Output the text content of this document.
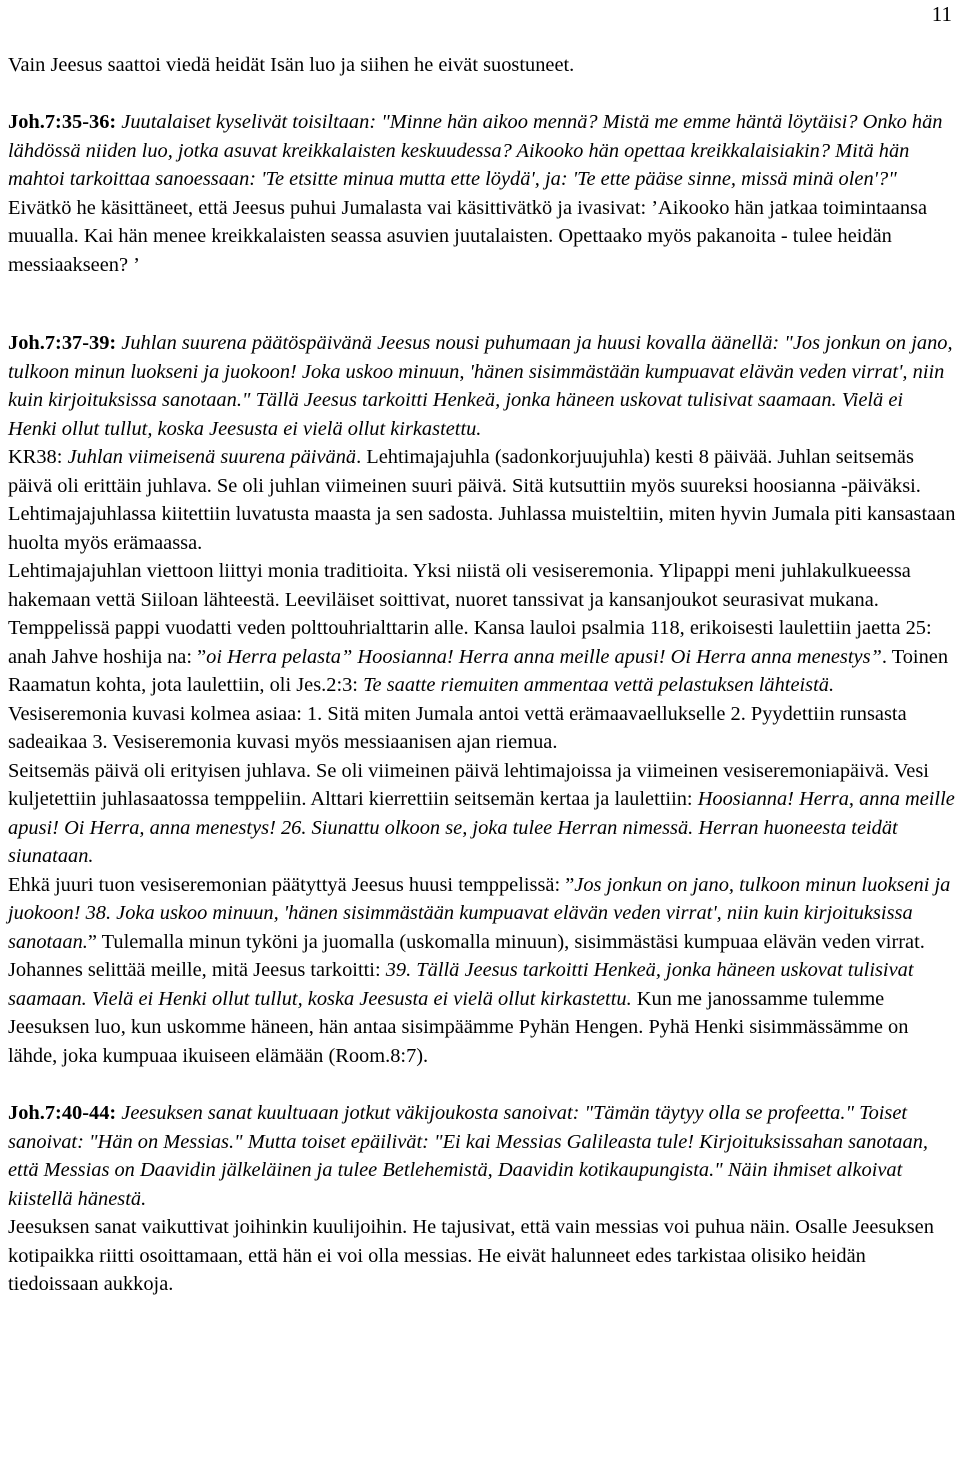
11

Vain Jeesus saattoi viedä heidät Isän luo ja siihen he eivät suostuneet.

Joh.7:35-36: Juutalaiset kyselivät toisiltaan: "Minne hän aikoo mennä? Mistä me emme häntä löytäisi? Onko hän lähdössä niiden luo, jotka asuvat kreikkalaisten keskuudessa? Aikooko hän opettaa kreikkalaisiakin? Mitä hän mahtoi tarkoittaa sanoessaan: 'Te etsitte minua mutta ette löydä', ja: 'Te ette pääse sinne, missä minä olen'?"

Eivätkö he käsittäneet, että Jeesus puhui Jumalasta vai käsittivätkö ja ivasivat: ’Aikooko hän jatkaa toimintaansa muualla. Kai hän menee kreikkalaisten seassa asuvien juutalaisten. Opettaako myös pakanoita - tulee heidän messiaakseen? ’

Joh.7:37-39: Juhlan suurena päätöspäivänä Jeesus nousi puhumaan ja huusi kovalla äänellä: "Jos jonkun on jano, tulkoon minun luokseni ja juokoon! Joka uskoo minuun, 'hänen sisimmästään kumpuavat elävän veden virrat', niin kuin kirjoituksissa sanotaan." Tällä Jeesus tarkoitti Henkeä, jonka häneen uskovat tulisivat saamaan. Vielä ei Henki ollut tullut, koska Jeesusta ei vielä ollut kirkastettu.

KR38: Juhlan viimeisenä suurena päivänä. Lehtimajajuhla (sadonkorjuujuhla) kesti 8 päivää. Juhlan seitsemäs päivä oli erittäin juhlava. Se oli juhlan viimeinen suuri päivä. Sitä kutsuttiin myös suureksi hoosianna -päiväksi.

Lehtimajajuhlassa kiitettiin luvatusta maasta ja sen sadosta. Juhlassa muisteltiin, miten hyvin Jumala piti kansastaan huolta myös erämaassa.

Lehtimajajuhlan viettoon liittyi monia traditioita. Yksi niistä oli vesiseremonia. Ylipappi meni juhlakulkueessa hakemaan vettä Siiloan lähteestä. Leeviläiset soittivat, nuoret tanssivat ja kansanjoukot seurasivat mukana. Temppelissä pappi vuodatti veden polttouhrialttarin alle. Kansa lauloi psalmia 118, erikoisesti laulettiin jaetta 25: anah Jahve hoshija na: ”oi Herra pelasta” Hoosianna! Herra anna meille apusi! Oi Herra anna menestys”. Toinen Raamatun kohta, jota laulettiin, oli Jes.2:3: Te saatte riemuiten ammentaa vettä pelastuksen lähteistä.

Vesiseremonia kuvasi kolmea asiaa: 1. Sitä miten Jumala antoi vettä erämaavaellukselle 2. Pyydettiin runsasta sadeaikaa 3. Vesiseremonia kuvasi myös messiaanisen ajan riemua.

Seitsemäs päivä oli erityisen juhlava. Se oli viimeinen päivä lehtimajoissa ja viimeinen vesiseremoniapäivä. Vesi kuljetettiin juhlasaatossa temppeliin. Alttari kierrettiin seitsemän kertaa ja laulettiin: Hoosianna! Herra, anna meille apusi! Oi Herra, anna menestys! 26. Siunattu olkoon se, joka tulee Herran nimessä. Herran huoneesta teidät siunataan.

Ehkä juuri tuon vesiseremonian päätyttyä Jeesus huusi temppelissä: ”Jos jonkun on jano, tulkoon minun luokseni ja juokoon! 38. Joka uskoo minuun, 'hänen sisimmästään kumpuavat elävän veden virrat', niin kuin kirjoituksissa sanotaan.” Tulemalla minun tyköni ja juomalla (uskomalla minuun), sisimmästäsi kumpuaa elävän veden virrat.

Johannes selittää meille, mitä Jeesus tarkoitti: 39. Tällä Jeesus tarkoitti Henkeä, jonka häneen uskovat tulisivat saamaan. Vielä ei Henki ollut tullut, koska Jeesusta ei vielä ollut kirkastettu. Kun me janossamme tulemme Jeesuksen luo, kun uskomme häneen, hän antaa sisimpäämme Pyhän Hengen. Pyhä Henki sisimmässämme on lähde, joka kumpuaa ikuiseen elämään (Room.8:7).

Joh.7:40-44: Jeesuksen sanat kuultuaan jotkut väkijoukosta sanoivat: "Tämän täytyy olla se profeetta." Toiset sanoivat: "Hän on Messias." Mutta toiset epäilivät: "Ei kai Messias Galileasta tule! Kirjoituksissahan sanotaan, että Messias on Daavidin jälkeläinen ja tulee Betlehemistä, Daavidin kotikaupungista." Näin ihmiset alkoivat kiistellä hänestä.

Jeesuksen sanat vaikuttivat joihinkin kuulijoihin. He tajusivat, että vain messias voi puhua näin. Osalle Jeesuksen kotipaikka riitti osoittamaan, että hän ei voi olla messias. He eivät halunneet edes tarkistaa olisiko heidän tiedoissaan aukkoja.
